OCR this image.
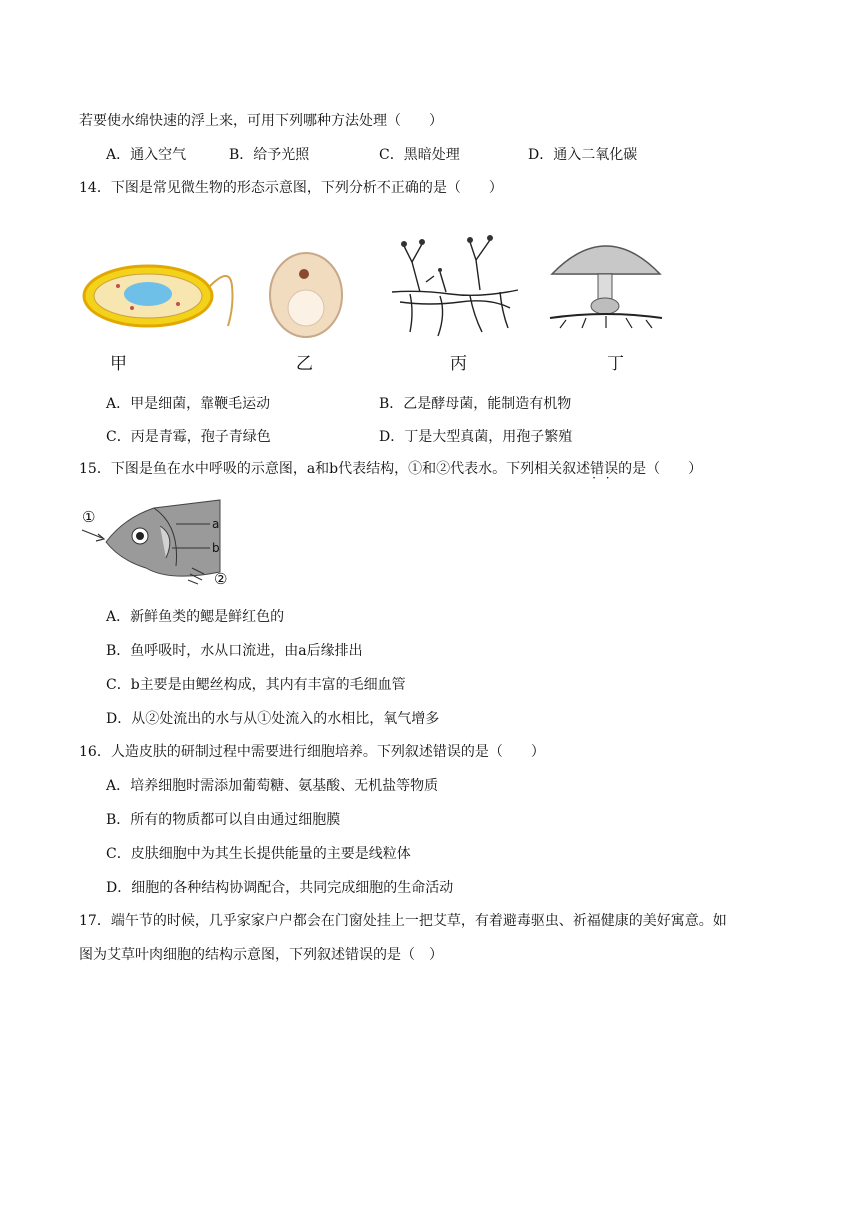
若要使水绵快速的浮上来，可用下列哪种方法处理（　　）
A．通入空气	B．给予光照	C．黑暗处理	D．通入二氧化碳
14．下图是常见微生物的形态示意图，下列分析不正确的是（　　）
甲	乙	丙	丁
A．甲是细菌，靠鞭毛运动	B．乙是酵母菌，能制造有机物
C．丙是青霉，孢子青绿色	D．丁是大型真菌，用孢子繁殖
15．下图是鱼在水中呼吸的示意图，a和b代表结构，①和②代表水。下列相关叙述错误 · ·的是（　　）
①	a
b
②
A．新鲜鱼类的鳃是鲜红色的
B．鱼呼吸时，水从口流进，由a后缘排出
C．b主要是由鳃丝构成，其内有丰富的毛细血管
D．从②处流出的水与从①处流入的水相比，氧气增多
16．人造皮肤的研制过程中需要进行细胞培养。下列叙述错误的是（　　）
A．培养细胞时需添加葡萄糖、氨基酸、无机盐等物质
B．所有的物质都可以自由通过细胞膜
C．皮肤细胞中为其生长提供能量的主要是线粒体
D．细胞的各种结构协调配合，共同完成细胞的生命活动
17．端午节的时候，几乎家家户户都会在门窗处挂上一把艾草，有着避毒驱虫、祈福健康的美好寓意。如
图为艾草叶肉细胞的结构示意图，下列叙述错误的是（　）
